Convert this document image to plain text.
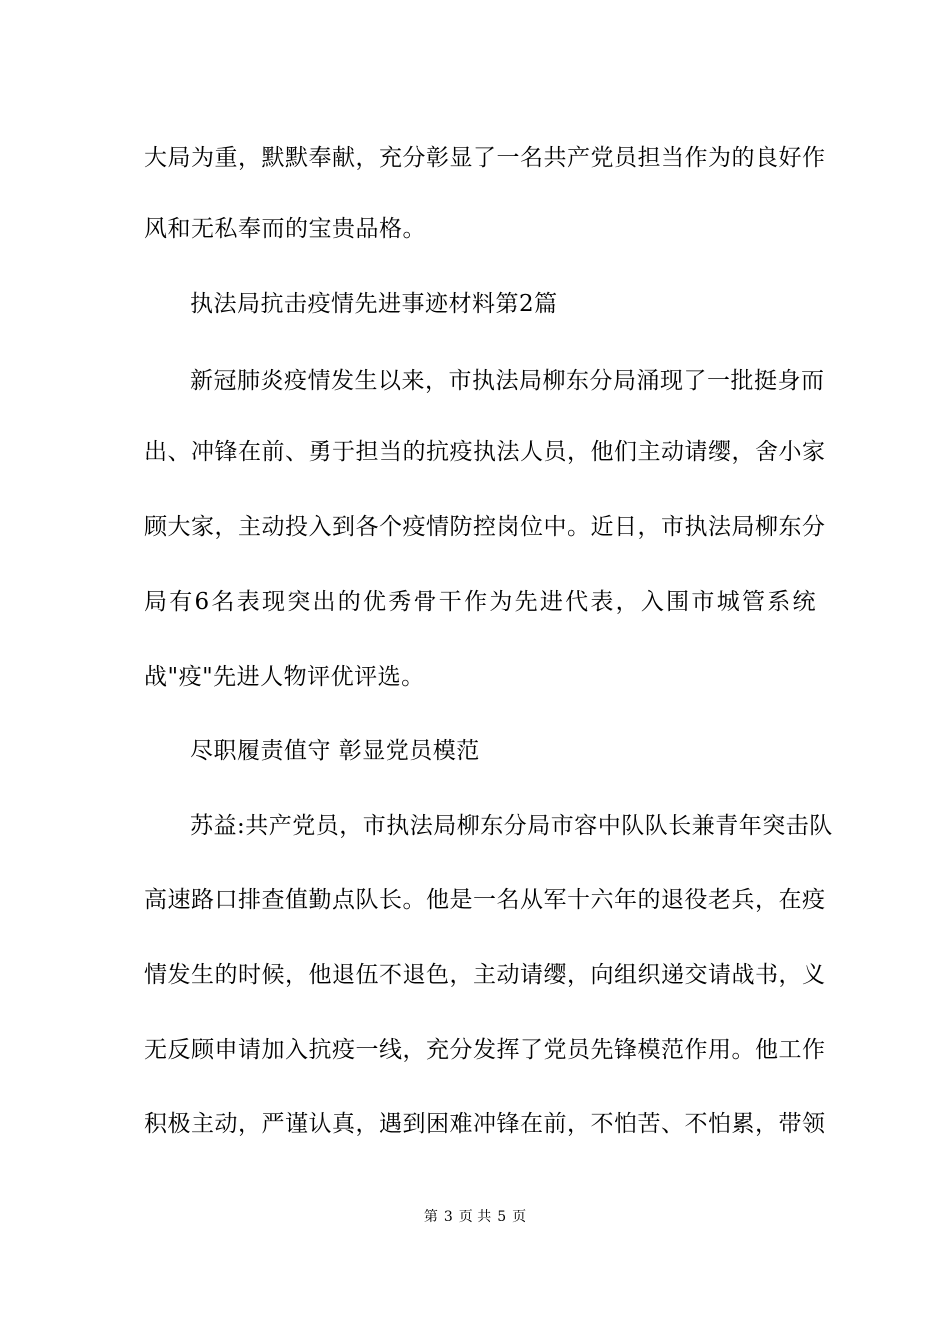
大局为重，默默奉献，充分彰显了一名共产党员担当作为的良好作
风和无私奉而的宝贵品格。
执法局抗击疫情先进事迹材料第2篇
新冠肺炎疫情发生以来，市执法局柳东分局涌现了一批挺身而
出、冲锋在前、勇于担当的抗疫执法人员，他们主动请缨，舍小家
顾大家，主动投入到各个疫情防控岗位中。近日，市执法局柳东分
局有6名表现突出的优秀骨干作为先进代表，入围市城管系统
战"疫"先进人物评优评选。
尽职履责值守 彰显党员模范
苏益:共产党员，市执法局柳东分局市容中队队长兼青年突击队
高速路口排查值勤点队长。他是一名从军十六年的退役老兵，在疫
情发生的时候，他退伍不退色，主动请缨，向组织递交请战书，义
无反顾申请加入抗疫一线，充分发挥了党员先锋模范作用。他工作
积极主动，严谨认真，遇到困难冲锋在前，不怕苦、不怕累，带领
第 3 页 共 5 页
